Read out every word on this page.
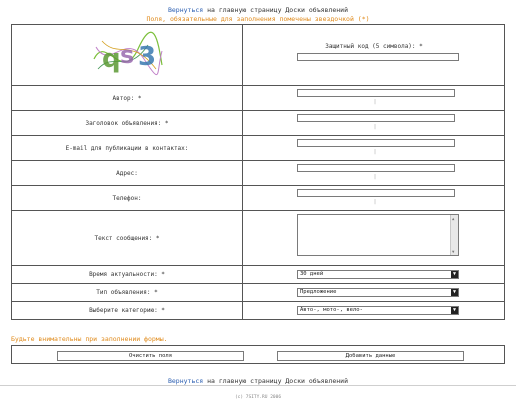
Вернуться на главную страницу Доски объявлений
Поля, обязательные для заполнения помечены звездочкой (*)
q s 3	Защитный код (5 символа): *

Автор: *	|

Заголовок объявления: *	|

E-mail для публикации в контактах:	|

Адрес:	|

Телефон:	|

Текст сообщения: *	▲
▼

Время актуальности: *	30 дней ▼

Тип объявления: *	Предложение ▼

Выберите категорию: *	Авто-, мото-, вело- ▼
Будьте внимательны при заполнении формы.
Очистить поля	Добавить данные
Вернуться на главную страницу Доски объявлений
(c) 7SITY.RU 2006
